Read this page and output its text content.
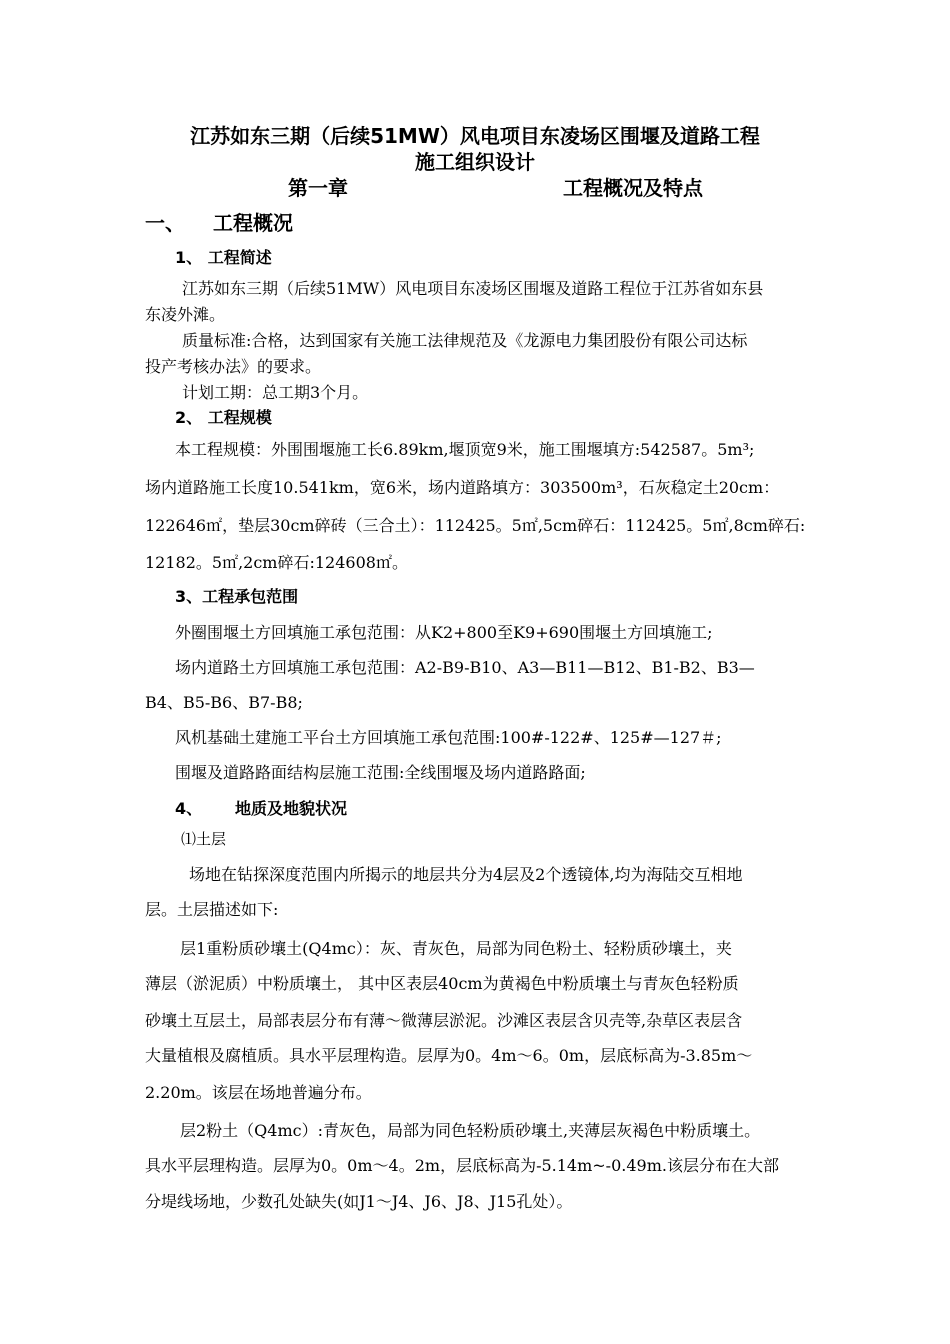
江苏如东三期（后续51MW）风电项目东凌场区围堰及道路工程
施工组织设计
第一章	工程概况及特点
一、 工程概况
1、 工程简述
江苏如东三期（后续51MW）风电项目东凌场区围堰及道路工程位于江苏省如东县
东凌外滩。
质量标准:合格，达到国家有关施工法律规范及《龙源电力集团股份有限公司达标
投产考核办法》的要求。
计划工期：总工期3个月。
2、 工程规模
本工程规模：外围围堰施工长6.89km,堰顶宽9米，施工围堰填方:542587。5m³;
场内道路施工长度10.541km，宽6米，场内道路填方：303500m³，石灰稳定土20cm：
122646㎡，垫层30cm碎砖（三合土）：112425。5㎡,5cm碎石：112425。5㎡,8cm碎石:
12182。5㎡,2cm碎石:124608㎡。
3、工程承包范围
外圈围堰土方回填施工承包范围：从K2+800至K9+690围堰土方回填施工;
场内道路土方回填施工承包范围：A2-B9-B10、A3—B11—B12、B1-B2、B3—
B4、B5-B6、B7-B8;
风机基础土建施工平台土方回填施工承包范围:100#-122#、125#—127＃;
围堰及道路路面结构层施工范围:全线围堰及场内道路路面;
4、 地质及地貌状况
⑴土层
场地在钻探深度范围内所揭示的地层共分为4层及2个透镜体,均为海陆交互相地
层。土层描述如下:
层1重粉质砂壤土(Q4mc）：灰、青灰色，局部为同色粉土、轻粉质砂壤土，夹
薄层（淤泥质）中粉质壤土， 其中区表层40cm为黄褐色中粉质壤土与青灰色轻粉质
砂壤土互层土，局部表层分布有薄～微薄层淤泥。沙滩区表层含贝壳等,杂草区表层含
大量植根及腐植质。具水平层理构造。层厚为0。4m～6。0m，层底标高为-3.85m～
2.20m。该层在场地普遍分布。
层2粉土（Q4mc）:青灰色，局部为同色轻粉质砂壤土,夹薄层灰褐色中粉质壤土。
具水平层理构造。层厚为0。0m～4。2m，层底标高为-5.14m~-0.49m.该层分布在大部
分堤线场地，少数孔处缺失(如J1～J4、J6、J8、J15孔处）。
